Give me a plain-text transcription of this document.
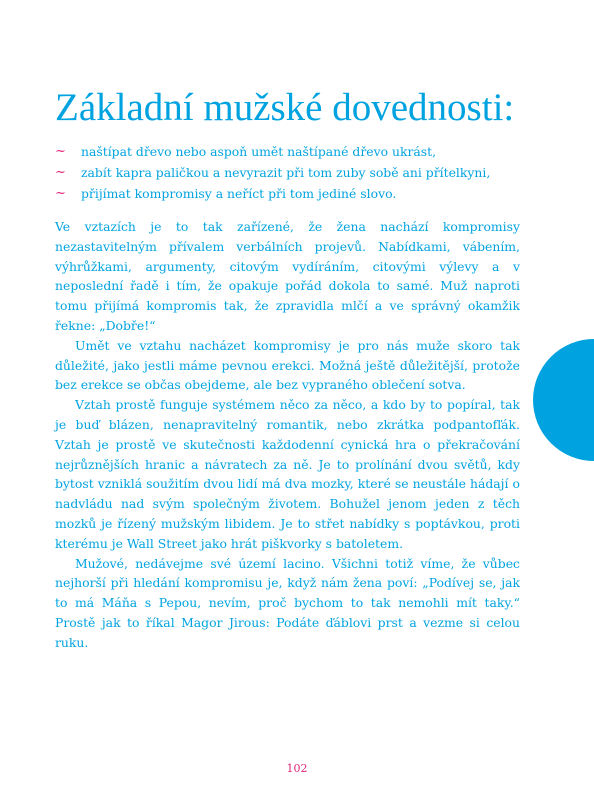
Základní mužské dovednosti:
~ naštípat dřevo nebo aspoň umět naštípané dřevo ukrást,
~ zabít kapra paličkou a nevyrazit při tom zuby sobě ani přítelkyni,
~ přijímat kompromisy a neříct při tom jediné slovo.

Ve vztazích je to tak zařízené, že žena nachází kompromisy nezastavitelným přívalem verbálních projevů. Nabídkami, vábením, výhrůžkami, argumenty, citovým vydíráním, citovými výlevy a v neposlední řadě i tím, že opakuje pořád dokola to samé. Muž naproti tomu přijímá kompromis tak, že zpravidla mlčí a ve správný okamžik řekne: „Dobře!“

Umět ve vztahu nacházet kompromisy je pro nás muže skoro tak důležité, jako jestli máme pevnou erekci. Možná ještě důležitější, protože bez erekce se občas obejdeme, ale bez vypraného oblečení sotva.

Vztah prostě funguje systémem něco za něco, a kdo by to popíral, tak je buď blázen, nenapravitelný romantik, nebo zkrátka podpantofľák. Vztah je prostě ve skutečnosti každodenní cynická hra o překračování nejrůznějších hranic a návratech za ně. Je to prolínání dvou světů, kdy bytost vzniklá soužitím dvou lidí má dva mozky, které se neustále hádají o nadvládu nad svým společným životem. Bohužel jenom jeden z těch mozků je řízený mužským libidem. Je to střet nabídky s poptávkou, proti kterému je Wall Street jako hrát piškvorky s batoletem.

Mužové, nedávejme své území lacino. Všichni totiž víme, že vůbec nejhorší při hledání kompromisu je, když nám žena poví: „Podívej se, jak to má Máňa s Pepou, nevím, proč bychom to tak nemohli mít taky.“ Prostě jak to říkal Magor Jirous: Podáte ďáblovi prst a vezme si celou ruku.

102
